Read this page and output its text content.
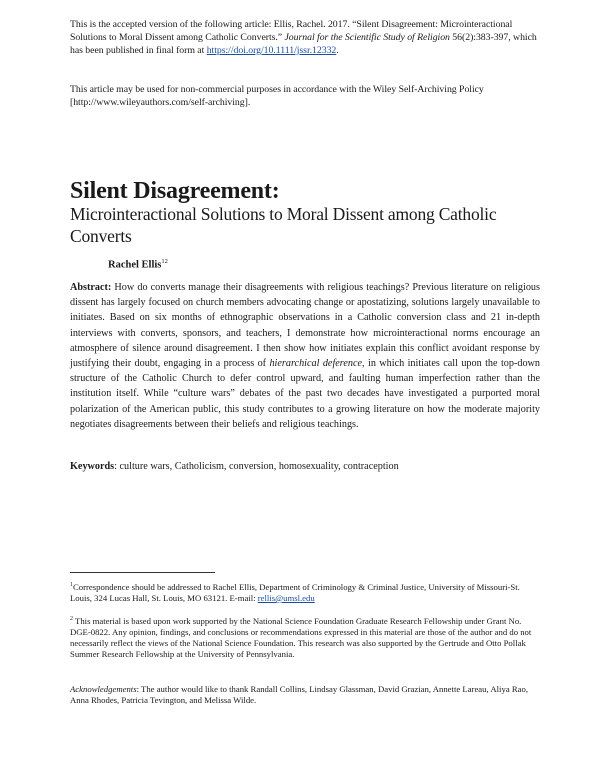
This is the accepted version of the following article: Ellis, Rachel. 2017. “Silent Disagreement: Microinteractional Solutions to Moral Dissent among Catholic Converts.” Journal for the Scientific Study of Religion 56(2):383-397, which has been published in final form at https://doi.org/10.1111/jssr.12332.
This article may be used for non-commercial purposes in accordance with the Wiley Self-Archiving Policy [http://www.wileyauthors.com/self-archiving].
Silent Disagreement:
Microinteractional Solutions to Moral Dissent among Catholic Converts
Rachel Ellis$^{12}$
Abstract: How do converts manage their disagreements with religious teachings? Previous literature on religious dissent has largely focused on church members advocating change or apostatizing, solutions largely unavailable to initiates. Based on six months of ethnographic observations in a Catholic conversion class and 21 in-depth interviews with converts, sponsors, and teachers, I demonstrate how microinteractional norms encourage an atmosphere of silence around disagreement. I then show how initiates explain this conflict avoidant response by justifying their doubt, engaging in a process of hierarchical deference, in which initiates call upon the top-down structure of the Catholic Church to defer control upward, and faulting human imperfection rather than the institution itself. While “culture wars” debates of the past two decades have investigated a purported moral polarization of the American public, this study contributes to a growing literature on how the moderate majority negotiates disagreements between their beliefs and religious teachings.
Keywords: culture wars, Catholicism, conversion, homosexuality, contraception
$^1$Correspondence should be addressed to Rachel Ellis, Department of Criminology & Criminal Justice, University of Missouri-St. Louis, 324 Lucas Hall, St. Louis, MO 63121. E-mail: rellis@umsl.edu
$^2$ This material is based upon work supported by the National Science Foundation Graduate Research Fellowship under Grant No. DGE-0822. Any opinion, findings, and conclusions or recommendations expressed in this material are those of the author and do not necessarily reflect the views of the National Science Foundation. This research was also supported by the Gertrude and Otto Pollak Summer Research Fellowship at the University of Pennsylvania.
Acknowledgements: The author would like to thank Randall Collins, Lindsay Glassman, David Grazian, Annette Lareau, Aliya Rao, Anna Rhodes, Patricia Tevington, and Melissa Wilde.
